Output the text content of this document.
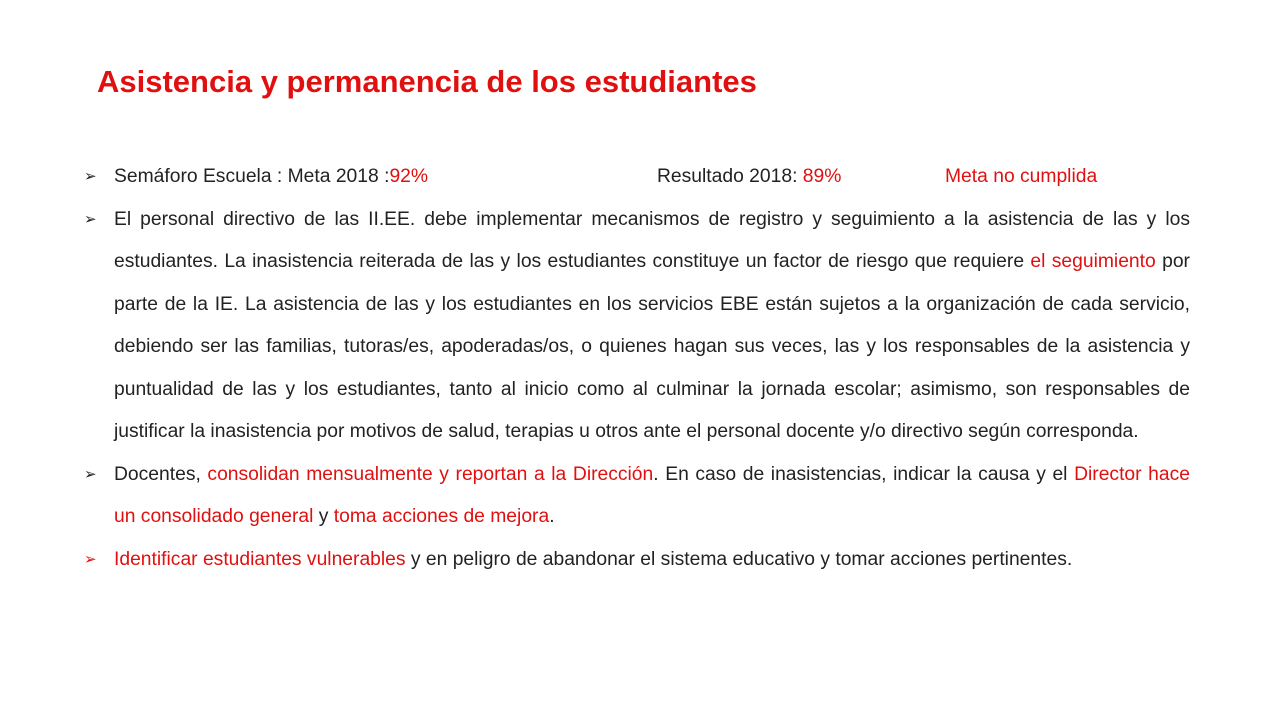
Asistencia y permanencia de los estudiantes
➢ Semáforo Escuela : Meta 2018 :92%	Resultado 2018: 89%	Meta no cumplida
➢ El personal directivo de las II.EE. debe implementar mecanismos de registro y seguimiento a la asistencia de las y los estudiantes. La inasistencia reiterada de las y los estudiantes constituye un factor de riesgo que requiere el seguimiento por parte de la IE. La asistencia de las y los estudiantes en los servicios EBE están sujetos a la organización de cada servicio, debiendo ser las familias, tutoras/es, apoderadas/os, o quienes hagan sus veces, las y los responsables de la asistencia y puntualidad de las y los estudiantes, tanto al inicio como al culminar la jornada escolar; asimismo, son responsables de justificar la inasistencia por motivos de salud, terapias u otros ante el personal docente y/o directivo según corresponda.
➢ Docentes, consolidan mensualmente y reportan a la Dirección. En caso de inasistencias, indicar la causa y el Director hace un consolidado general y toma acciones de mejora.
➢ Identificar estudiantes vulnerables y en peligro de abandonar el sistema educativo y tomar acciones pertinentes.
